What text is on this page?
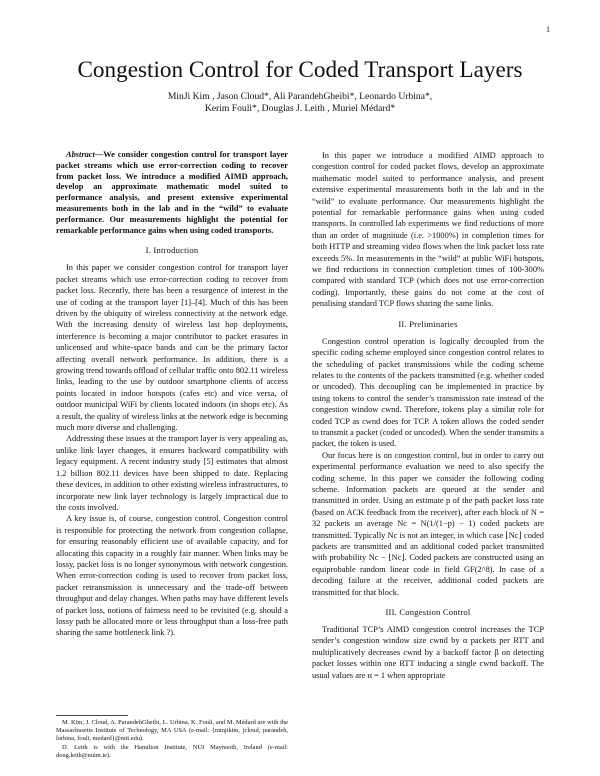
1
Congestion Control for Coded Transport Layers
MinJi Kim , Jason Cloud*, Ali ParandehGheibi*, Leonardo Urbina*,
Kerim Fouli*, Douglas J. Leith , Muriel Médard*

Abstract—We consider congestion control for transport layer packet streams which use error-correction coding to recover from packet loss. We introduce a modified AIMD approach, develop an approximate mathematic model suited to performance analysis, and present extensive experimental measurements both in the lab and in the “wild” to evaluate performance. Our measurements highlight the potential for remarkable performance gains when using coded transports.

I. Introduction

In this paper we consider congestion control for transport layer packet streams which use error-correction coding to recover from packet loss. Recently, there has been a resurgence of interest in the use of coding at the transport layer [1]–[4]. Much of this has been driven by the ubiquity of wireless connectivity at the network edge. With the increasing density of wireless last hop deployments, interference is becoming a major contributor to packet erasures in unlicensed and white-space bands and can be the primary factor affecting overall network performance. In addition, there is a growing trend towards offload of cellular traffic onto 802.11 wireless links, leading to the use by outdoor smartphone clients of access points located in indoor hotspots (cafes etc) and vice versa, of outdoor municipal WiFi by clients located indoors (in shops etc). As a result, the quality of wireless links at the network edge is becoming much more diverse and challenging.

Addressing these issues at the transport layer is very appealing as, unlike link layer changes, it ensures backward compatibility with legacy equipment. A recent industry study [5] estimates that almost 1.2 billion 802.11 devices have been shipped to date. Replacing these devices, in addition to other existing wireless infrastructures, to incorporate new link layer technology is largely impractical due to the costs involved.

A key issue is, of course, congestion control. Congestion control is responsible for protecting the network from congestion collapse, for ensuring reasonably efficient use of available capacity, and for allocating this capacity in a roughly fair manner. When links may be lossy, packet loss is no longer synonymous with network congestion. When error-correction coding is used to recover from packet loss, packet retransmission is unnecessary and the trade-off between throughput and delay changes. When paths may have different levels of packet loss, notions of fairness need to be revisited (e.g. should a lossy path be allocated more or less throughput than a loss-free path sharing the same bottleneck link ?).

M. Kim, J. Cloud, A. ParandehGheibi, L. Urbina, K. Fouli, and M. Médard are with the Massachusetts Institute of Technology, MA USA (e-mail: {minjikim, jcloud, parandeh, lurbina, fouli, medard}@mit.edu).

D. Leith is with the Hamilton Institute, NUI Maynooth, Ireland (e-mail: doug.leith@nuim.ie).

In this paper we introduce a modified AIMD approach to congestion control for coded packet flows, develop an approximate mathematic model suited to performance analysis, and present extensive experimental measurements both in the lab and in the “wild” to evaluate performance. Our measurements highlight the potential for remarkable performance gains when using coded transports. In controlled lab experiments we find reductions of more than an order of magnitude (i.e. >1000%) in completion times for both HTTP and streaming video flows when the link packet loss rate exceeds 5%. In measurements in the “wild” at public WiFi hotspots, we find reductions in connection completion times of 100-300% compared with standard TCP (which does not use error-correction coding). Importantly, these gains do not come at the cost of penalising standard TCP flows sharing the same links.

II. Preliminaries

Congestion control operation is logically decoupled from the specific coding scheme employed since congestion control relates to the scheduling of packet transmissions while the coding scheme relates to the contents of the packets transmitted (e.g. whether coded or uncoded). This decoupling can be implemented in practice by using tokens to control the sender’s transmission rate instead of the congestion window cwnd. Therefore, tokens play a similar role for coded TCP as cwnd does for TCP. A token allows the coded sender to transmit a packet (coded or uncoded). When the sender transmits a packet, the token is used.

Our focus here is on congestion control, but in order to carry out experimental performance evaluation we need to also specify the coding scheme. In this paper we consider the following coding scheme. Information packets are queued at the sender and transmitted in order. Using an estimate p of the path packet loss rate (based on ACK feedback from the receiver), after each block of N = 32 packets an average Nc = N(1/(1−p) − 1) coded packets are transmitted. Typically Nc is not an integer, in which case ⌊Nc⌋ coded packets are transmitted and an additional coded packet transmitted with probability Nc − ⌊Nc⌋. Coded packets are constructed using an equiprobable random linear code in field GF(2^8). In case of a decoding failure at the receiver, additional coded packets are transmitted for that block.

III. Congestion Control

Traditional TCP’s AIMD congestion control increases the TCP sender’s congestion window size cwnd by α packets per RTT and multiplicatively decreases cwnd by a backoff factor β on detecting packet losses within one RTT inducing a single cwnd backoff. The usual values are α = 1 when appropriate
